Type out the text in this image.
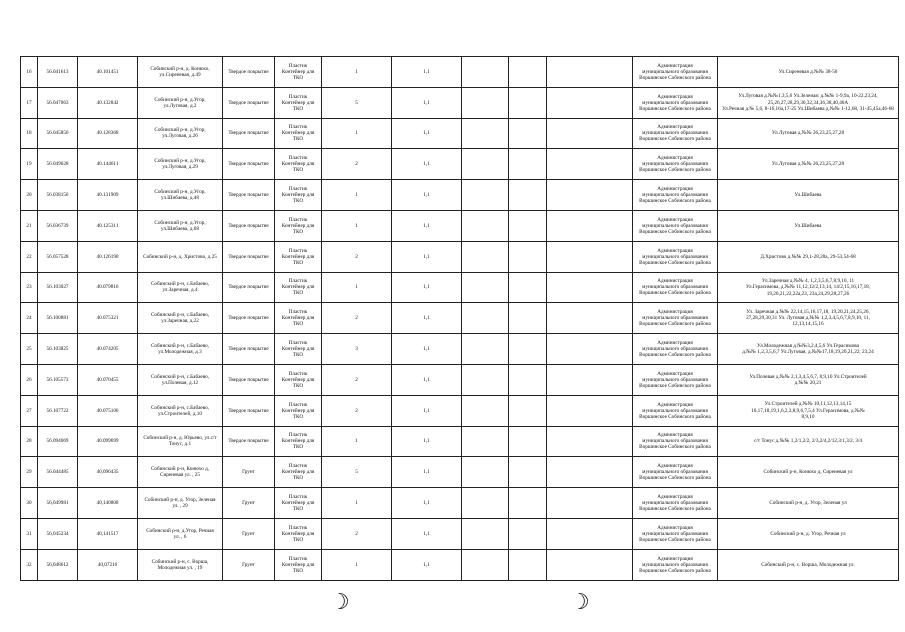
16	56.041613	40.101451	Собинский р-н, д. Конюхо,
ул.Сиреневая, д.49	Твердое покрытие	Пластик
Контейнер для
ТКО	1	1,1				Администрация
муниципального образования
Воршинское Собинского района	Ул.Сиреневая д.№№ 38-50
17	56.047063	40.132842	Собинский р-н, д.Угор,
ул.Луговая, д.2	Твердое покрытие	Пластик
Контейнер для
ТКО	5	1,1				Администрация
муниципального образования
Воршинское Собинского района	Ул.Луговая д.№№1,3,5,6 Ул.Зеленая: д.№№ 1-9,9а, 10-22,23,24, 25,26,27,28,29,30,32,34,36,38,40,40А
Ул.Речная д.№ 5,6, 8-16,16а,17-25 Ул.Шибаева д.№№ 1-12,68, 31-45,45а,46-68
18	56.045856	40.128368	Собинский р-н, д.Угор,
ул.Луговая, д.26	Твердое покрытие	Пластик
Контейнер для
ТКО	1	1,1				Администрация
муниципального образования
Воршинское Собинского района	Ул.Луговая д.№№ 26,23,25,27,28
19	56.049628	40.144611	Собинский р-н, д.Угор,
ул.Луговая, д.29	Твердое покрытие	Пластик
Контейнер для
ТКО	2	1,1				Администрация
муниципального образования
Воршинское Собинского района	Ул.Луговая д.№№ 26,23,25,27,28
20	56.038156	40.131909	Собинский р-н, д.Угор,
ул.Шибаева, д.48	Твердое покрытие	Пластик
Контейнер для
ТКО	1	1,1				Администрация
муниципального образования
Воршинское Собинского района	Ул.Шибаева
21	56.036739	40.125311	Собинский р-н, д.Угор,
ул.Шибаева, д.68	Твердое покрытие	Пластик
Контейнер для
ТКО	1	1,1				Администрация
муниципального образования
Воршинское Собинского района	Ул.Шибаева
22	56.057528	40.126190	Собинский р-н, д. Христово, д.25	Твердое покрытие	Пластик
Контейнер для
ТКО	2	1,1				Администрация
муниципального образования
Воршинское Собинского района	Д.Христово д.№№ 29,1-28,28а, 29-53,54-68
23	56.103027	40.079816	Собинский р-н, с.Бабаево,
ул.Заречная, д.4	Твердое покрытие	Пластик
Контейнер для
ТКО	1	1,1				Администрация
муниципального образования
Воршинское Собинского района	Ул.Заречная д.№№ 4, 1,2,3,5,6,7,8,9,10, 11
Ул.Герасимова, д.№№ 11,12,12/2,13,14, 14/2,15,16,17,18,
19,20,21,22,22а,23, 23а,24,29,28,27,26
24	56.100881	40.075321	Собинский р-н, с.Бабаево,
ул.Заречная, д.22	Твердое покрытие	Пластик
Контейнер для
ТКО	2	1,1				Администрация
муниципального образования
Воршинское Собинского района	Ул. Заречная д.№№ 22,14,15,16,17,18, 19,20,21,24,25,26,
27,28,29,30,31 Ул. Луговая д.№№ 1,2,3,4,5,6,7,8,9,10, 11,
12,13,14,15,16
25	56.103825	40.074205	Собинский р-н, с.Бабаево,
ул.Молодежная, д.3	Твердое покрытие	Пластик
Контейнер для
ТКО	3	1,1				Администрация
муниципального образования
Воршинское Собинского района	Ул.Молодежная д.№№3,2,4,5,6 Ул.Герасимова
д.№№ 1,2,3,5,6,7 Ул.Луговая, д.№№17,18,19,20,21,22, 23,24
26	56.105573	40.070455	Собинский р-н, с.Бабаево,
ул.Полевая, д.12	Твердое покрытие	Пластик
Контейнер для
ТКО	2	1,1				Администрация
муниципального образования
Воршинское Собинского района	Ул.Полевая д.№№ 2,1,3,4,5,6,7, 8,9,10 Ул.Строителей
д.№№ 20,21
27	56.107722	40.075106	Собинский р-н, с.Бабаево,
ул.Строителей, д.10	Твердое покрытие	Пластик
Контейнер для
ТКО	2	1,1				Администрация
муниципального образования
Воршинское Собинского района	Ул.Строителей д.№№ 10,11,12,13,14,15
16,17,18,19,1,6,2,3,8,9,6,7,5,4 Ул.Герасимова, д.№№
8,9,10
28	56.094069	40.099699	Собинский р-н, д. Юрьево, ул.с/т
Тонус, д.1	Твердое покрытие	Пластик
Контейнер для
ТКО	1	1,1				Администрация
муниципального образования
Воршинское Собинского района	с/т Тонус д.№№ 1,2/1,2/2, 2/3,2/4,2/12,3/1,3/2, 3/4
29	56.044485	40,096435	Собинский р-н, Конюхо д,
Сиреневая ул. , 25	Грунт	Пластик
Контейнер для
ТКО	5	1,1				Администрация
муниципального образования
Воршинское Собинского района	Собинский р-н, Конюхо д, Сиреневая ул
30	56,049981	40,140808	Собинский р-н, д. Угор, Зеленая
ул. , 29	Грунт	Пластик
Контейнер для
ТКО	1	1,1				Администрация
муниципального образования
Воршинское Собинского района	Собинский р-н, д. Угор, Зеленая ул
31	56,045234	40,141517	Собинский р-н, д.Угор, Речная
ул. , 6	Грунт	Пластик
Контейнер для
ТКО	2	1,1				Администрация
муниципального образования
Воршинское Собинского района	Собинский р-н, д. Угор, Речная ул
32	56,048612	40,07216	Собинский р-н, с. Ворша,
Молодежная ул. , 19	Грунт	Пластик
Контейнер для
ТКО	1	1,1				Администрация
муниципального образования
Воршинское Собинского района	Собинский р-н, с. Ворша, Молодежная ул.
☽	☽
